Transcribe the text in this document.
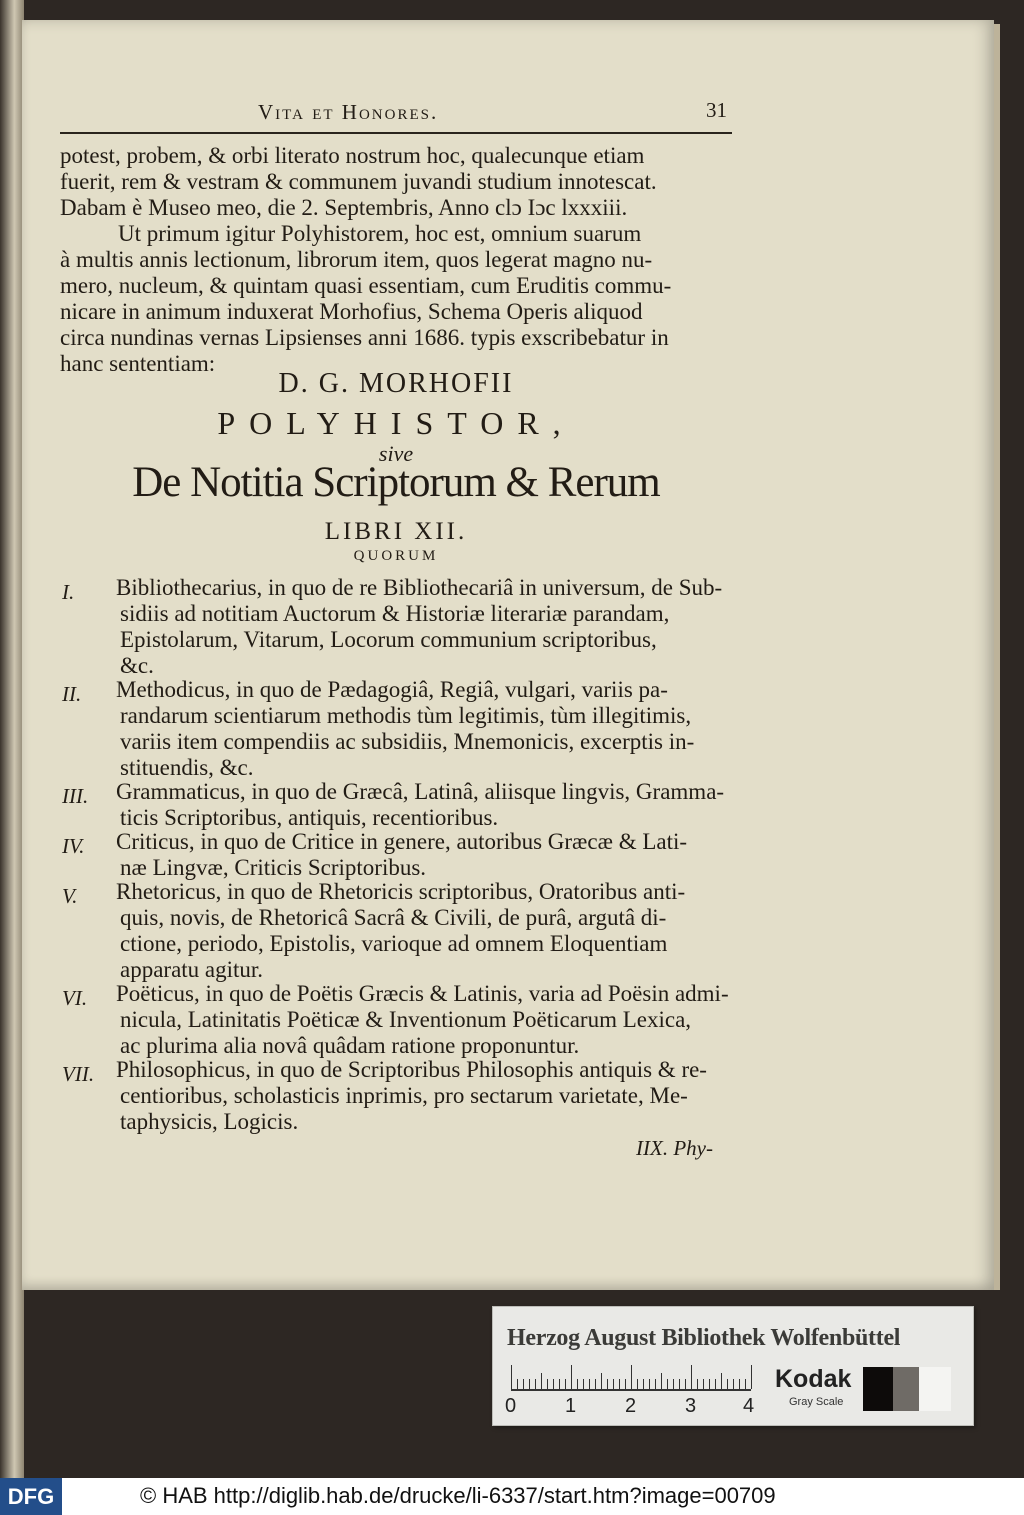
Vita et Honores.	31
potest, probem, & orbi literato nostrum hoc, qualecunque etiam
fuerit, rem & vestram & communem juvandi studium innotescat.
Dabam è Museo meo, die 2. Septembris, Anno clɔ Iɔc lxxxiii.
Ut primum igitur Polyhistorem, hoc est, omnium suarum
à multis annis lectionum, librorum item, quos legerat magno nu-
mero, nucleum, & quintam quasi essentiam, cum Eruditis commu-
nicare in animum induxerat Morhofius, Schema Operis aliquod
circa nundinas vernas Lipsienses anni 1686. typis exscribebatur in
hanc sententiam:
D. G. MORHOFII
POLYHISTOR,
sive
De Notitia Scriptorum & Rerum
LIBRI XII.
QUORUM
I. Bibliothecarius, in quo de re Bibliothecariâ in universum, de Sub-
sidiis ad notitiam Auctorum & Historiæ literariæ parandam,
Epistolarum, Vitarum, Locorum communium scriptoribus,
&c.
II. Methodicus, in quo de Pædagogiâ, Regiâ, vulgari, variis pa-
randarum scientiarum methodis tùm legitimis, tùm illegitimis,
variis item compendiis ac subsidiis, Mnemonicis, excerptis in-
stituendis, &c.
III. Grammaticus, in quo de Græcâ, Latinâ, aliisque lingvis, Gramma-
ticis Scriptoribus, antiquis, recentioribus.
IV. Criticus, in quo de Critice in genere, autoribus Græcæ & Lati-
næ Lingvæ, Criticis Scriptoribus.
V. Rhetoricus, in quo de Rhetoricis scriptoribus, Oratoribus anti-
quis, novis, de Rhetoricâ Sacrâ & Civili, de purâ, argutâ di-
ctione, periodo, Epistolis, varioque ad omnem Eloquentiam
apparatu agitur.
VI. Poëticus, in quo de Poëtis Græcis & Latinis, varia ad Poësin admi-
nicula, Latinitatis Poëticæ & Inventionum Poëticarum Lexica,
ac plurima alia novâ quâdam ratione proponuntur.
VII. Philosophicus, in quo de Scriptoribus Philosophis antiquis & re-
centioribus, scholasticis inprimis, pro sectarum varietate, Me-
taphysicis, Logicis.
IIX. Phy-
Herzog August Bibliothek Wolfenbüttel
0 1 2 3 4
Kodak
Gray Scale
DFG	© HAB http://diglib.hab.de/drucke/li-6337/start.htm?image=00709
